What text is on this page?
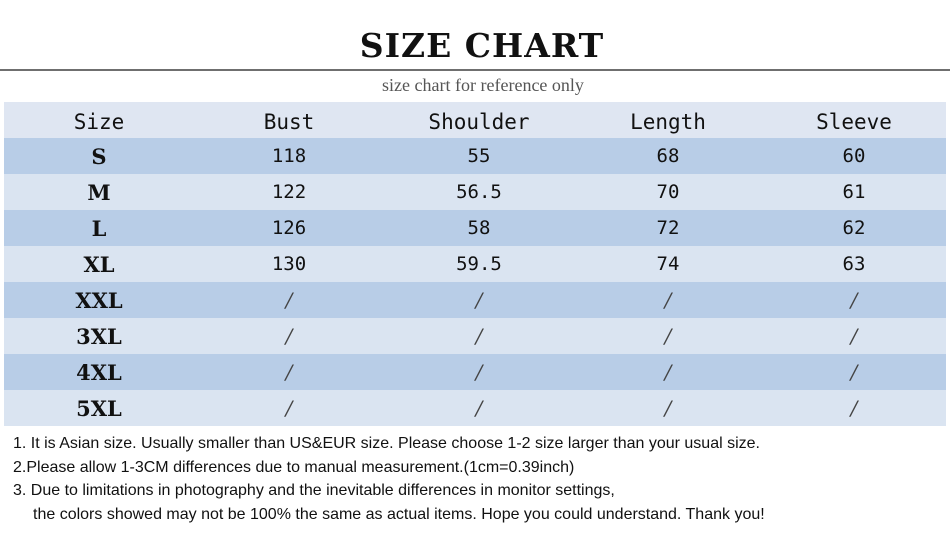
SIZE CHART
size chart for reference only
Size	Bust	Shoulder	Length	Sleeve
S	118	55	68	60
M	122	56.5	70	61
L	126	58	72	62
XL	130	59.5	74	63
XXL	/	/	/	/
3XL	/	/	/	/
4XL	/	/	/	/
5XL	/	/	/	/
1. It is Asian size. Usually smaller than US&EUR size. Please choose 1-2 size larger than your usual size.
2.Please allow 1-3CM differences due to manual measurement.(1cm=0.39inch)
3. Due to limitations in photography and the inevitable differences in monitor settings,
the colors showed may not be 100% the same as actual items. Hope you could understand. Thank you!
